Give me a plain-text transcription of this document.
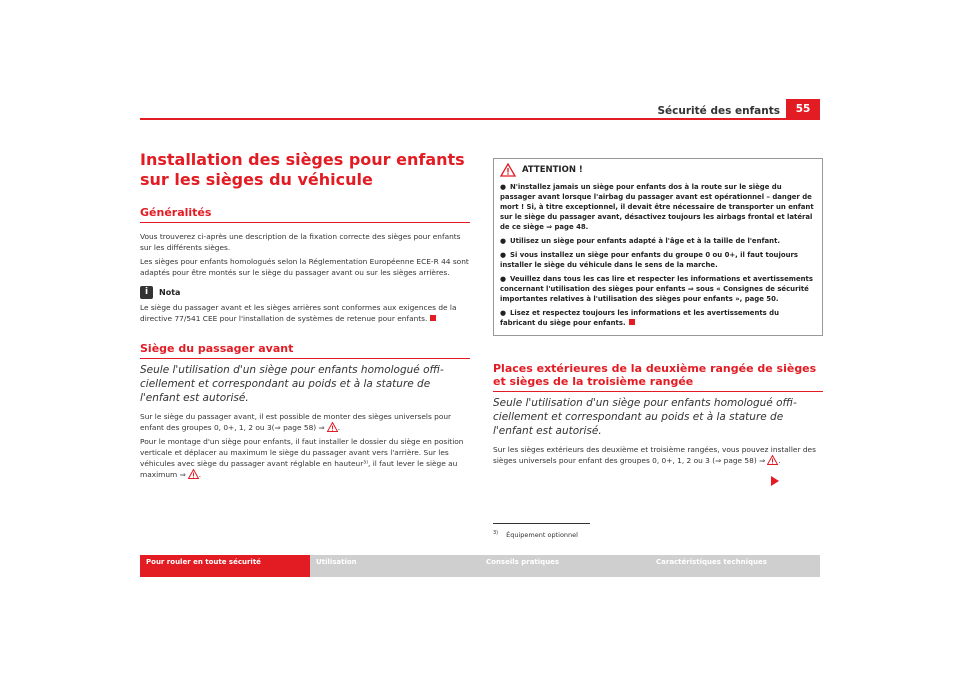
Sécurité des enfants	55
Installation des sièges pour enfants sur les sièges du véhicule
Généralités

Vous trouverez ci-après une description de la fixation correcte des sièges pour enfants sur les différents sièges.

Les sièges pour enfants homologués selon la Réglementation Européenne ECE-R 44 sont adaptés pour être montés sur le siège du passager avant ou sur les sièges arrières.

i	Nota

Le siège du passager avant et les sièges arrières sont conformes aux exigences de la directive 77/541 CEE pour l'installation de systèmes de retenue pour enfants.

Siège du passager avant
Seule l'utilisation d'un siège pour enfants homologué officiellement et correspondant au poids et à la stature de l'enfant est autorisé.

Sur le siège du passager avant, il est possible de monter des sièges universels pour enfant des groupes 0, 0+, 1, 2 ou 3(⇒ page 58) ⇒ .

Pour le montage d'un siège pour enfants, il faut installer le dossier du siège en position verticale et déplacer au maximum le siège du passager avant vers l'arrière. Sur les véhicules avec siège du passager avant réglable en hauteur³⁾, il faut lever le siège au maximum ⇒ .

ATTENTION !
● N'installez jamais un siège pour enfants dos à la route sur le siège du passager avant lorsque l'airbag du passager avant est opérationnel – danger de mort ! Si, à titre exceptionnel, il devait être nécessaire de transporter un enfant sur le siège du passager avant, désactivez toujours les airbags frontal et latéral de ce siège ⇒ page 48.
● Utilisez un siège pour enfants adapté à l'âge et à la taille de l'enfant.
● Si vous installez un siège pour enfants du groupe 0 ou 0+, il faut toujours installer le siège du véhicule dans le sens de la marche.
● Veuillez dans tous les cas lire et respecter les informations et avertissements concernant l'utilisation des sièges pour enfants ⇒ sous « Consignes de sécurité importantes relatives à l'utilisation des sièges pour enfants », page 50.
● Lisez et respectez toujours les informations et les avertissements du fabricant du siège pour enfants.
Places extérieures de la deuxième rangée de sièges et sièges de la troisième rangée
Seule l'utilisation d'un siège pour enfants homologué officiellement et correspondant au poids et à la stature de l'enfant est autorisé.

Sur les sièges extérieurs des deuxième et troisième rangées, vous pouvez installer des sièges universels pour enfant des groupes 0, 0+, 1, 2 ou 3 (⇒ page 58) ⇒ .

$^{3)}$ Équipement optionnel
Pour rouler en toute sécurité	Utilisation	Conseils pratiques	Caractéristiques techniques
